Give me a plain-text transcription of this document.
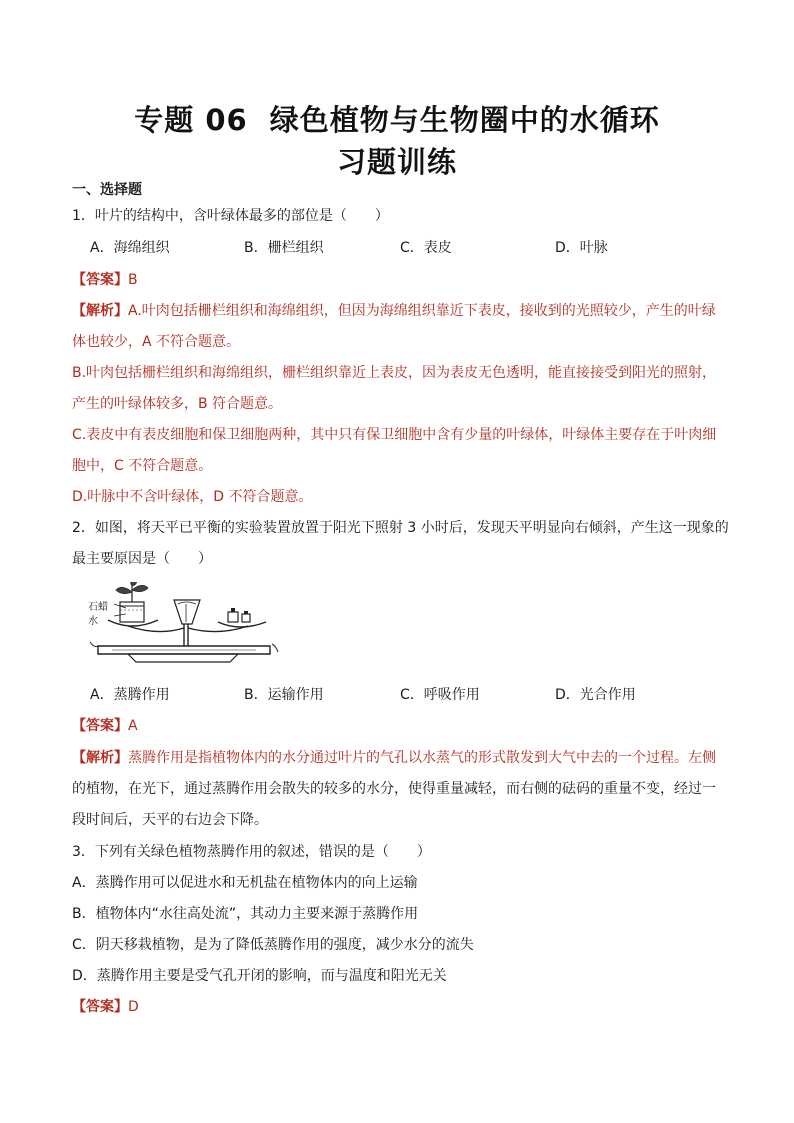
专题 06 绿色植物与生物圈中的水循环
习题训练
一、选择题
1．叶片的结构中，含叶绿体最多的部位是（　　）
A．海绵组织	B．栅栏组织	C．表皮	D．叶脉
【答案】B
【解析】A.叶肉包括栅栏组织和海绵组织，但因为海绵组织靠近下表皮，接收到的光照较少，产生的叶绿
体也较少，A 不符合题意。
B.叶肉包括栅栏组织和海绵组织，栅栏组织靠近上表皮，因为表皮无色透明，能直接接受到阳光的照射，
产生的叶绿体较多，B 符合题意。
C.表皮中有表皮细胞和保卫细胞两种，其中只有保卫细胞中含有少量的叶绿体，叶绿体主要存在于叶肉细
胞中，C 不符合题意。
D.叶脉中不含叶绿体，D 不符合题意。
2．如图，将天平已平衡的实验装置放置于阳光下照射 3 小时后，发现天平明显向右倾斜，产生这一现象的
最主要原因是（　　）
石蜡
水
A．蒸腾作用	B．运输作用	C．呼吸作用	D．光合作用
【答案】A
【解析】蒸腾作用是指植物体内的水分通过叶片的气孔以水蒸气的形式散发到大气中去的一个过程。左侧
的植物，在光下，通过蒸腾作用会散失的较多的水分，使得重量减轻，而右侧的砝码的重量不变，经过一
段时间后，天平的右边会下降。
3．下列有关绿色植物蒸腾作用的叙述，错误的是（　　）
A．蒸腾作用可以促进水和无机盐在植物体内的向上运输
B．植物体内“水往高处流”，其动力主要来源于蒸腾作用
C．阴天移栽植物，是为了降低蒸腾作用的强度，减少水分的流失
D．蒸腾作用主要是受气孔开闭的影响，而与温度和阳光无关
【答案】D
